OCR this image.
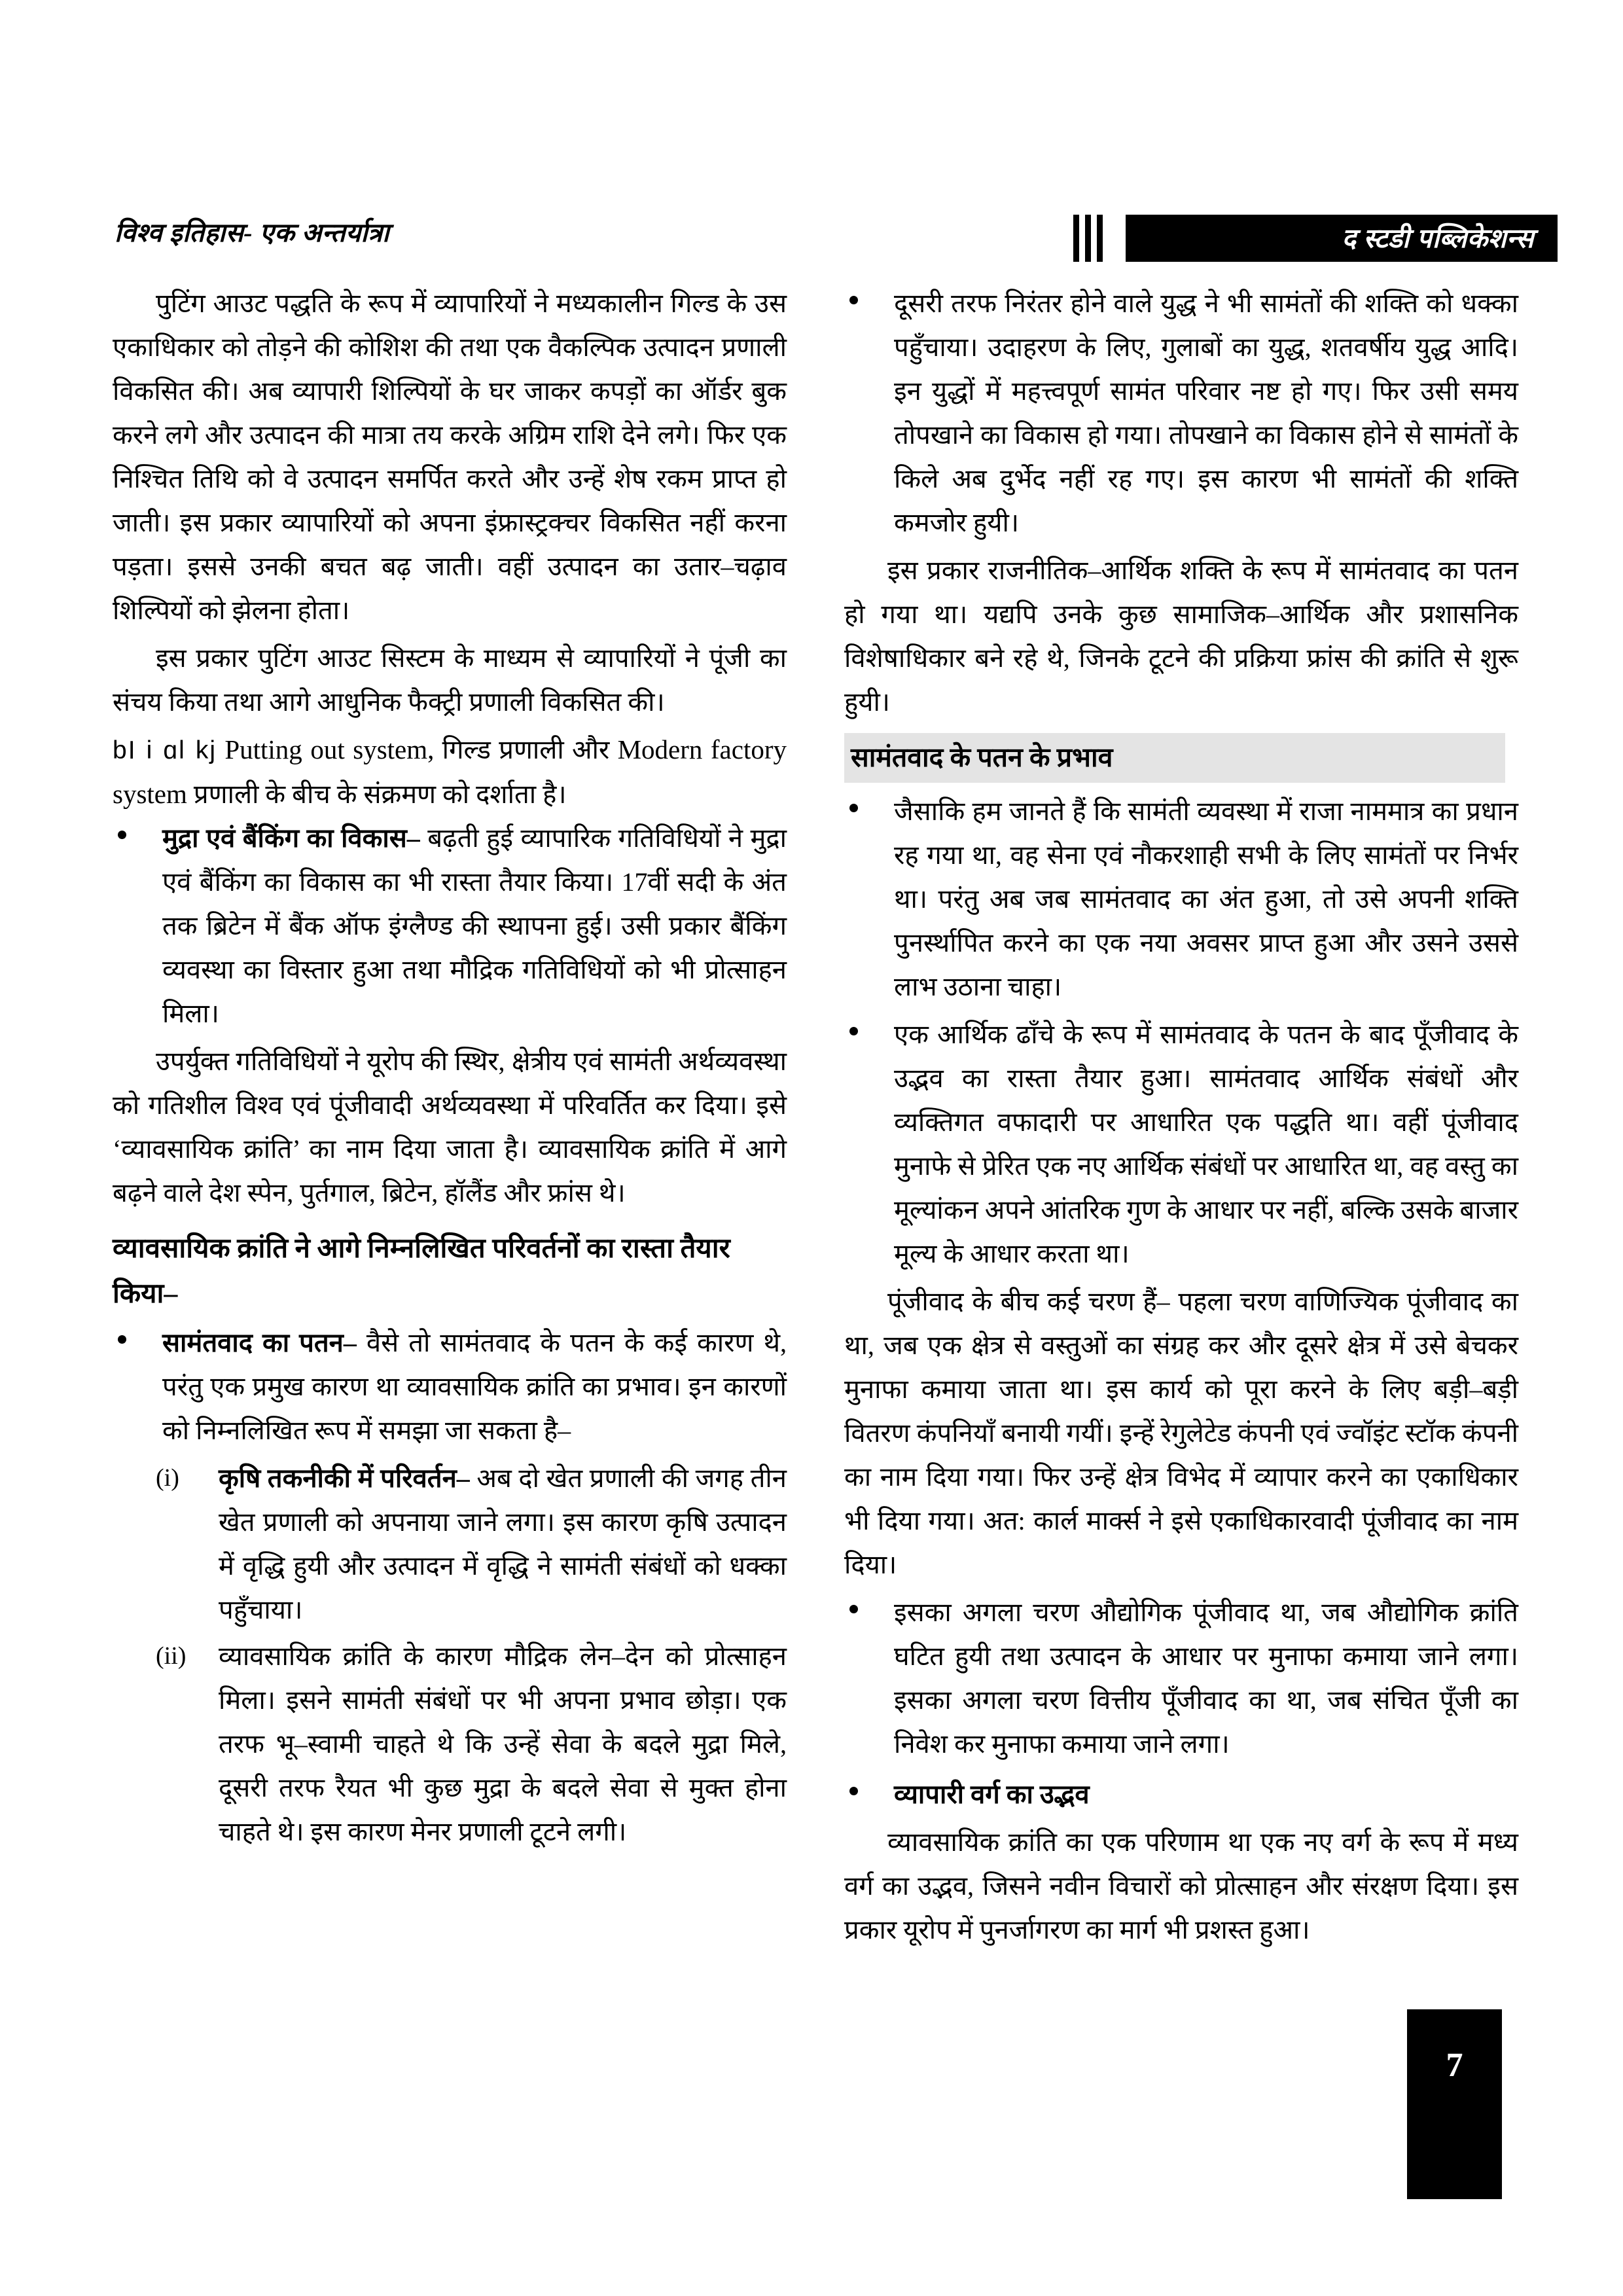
विश्व इतिहास- एक अन्तर्यात्रा	द स्टडी पब्लिकेशन्स

पुटिंग आउट पद्धति के रूप में व्यापारियों ने मध्यकालीन गिल्ड के उस एकाधिकार को तोड़ने की कोशिश की तथा एक वैकल्पिक उत्पादन प्रणाली विकसित की। अब व्यापारी शिल्पियों के घर जाकर कपड़ों का ऑर्डर बुक करने लगे और उत्पादन की मात्रा तय करके अग्रिम राशि देने लगे। फिर एक निश्चित तिथि को वे उत्पादन समर्पित करते और उन्हें शेष रकम प्राप्त हो जाती। इस प्रकार व्यापारियों को अपना इंफ्रास्ट्रक्चर विकसित नहीं करना पड़ता। इससे उनकी बचत बढ़ जाती। वहीं उत्पादन का उतार–चढ़ाव शिल्पियों को झेलना होता।

इस प्रकार पुटिंग आउट सिस्टम के माध्यम से व्यापारियों ने पूंजी का संचय किया तथा आगे आधुनिक फैक्ट्री प्रणाली विकसित की।

bI i ɑl kj Putting out system, गिल्ड प्रणाली और Modern factory system प्रणाली के बीच के संक्रमण को दर्शाता है।

मुद्रा एवं बैंकिंग का विकास– बढ़ती हुई व्यापारिक गतिविधियों ने मुद्रा एवं बैंकिंग का विकास का भी रास्ता तैयार किया। 17वीं सदी के अंत तक ब्रिटेन में बैंक ऑफ इंग्लैण्ड की स्थापना हुई। उसी प्रकार बैंकिंग व्यवस्था का विस्तार हुआ तथा मौद्रिक गतिविधियों को भी प्रोत्साहन मिला।

उपर्युक्त गतिविधियों ने यूरोप की स्थिर, क्षेत्रीय एवं सामंती अर्थव्यवस्था को गतिशील विश्व एवं पूंजीवादी अर्थव्यवस्था में परिवर्तित कर दिया। इसे ‘व्यावसायिक क्रांति’ का नाम दिया जाता है। व्यावसायिक क्रांति में आगे बढ़ने वाले देश स्पेन, पुर्तगाल, ब्रिटेन, हॉलैंड और फ्रांस थे।

व्यावसायिक क्रांति ने आगे निम्नलिखित परिवर्तनों का रास्ता तैयार किया–
सामंतवाद का पतन– वैसे तो सामंतवाद के पतन के कई कारण थे, परंतु एक प्रमुख कारण था व्यावसायिक क्रांति का प्रभाव। इन कारणों को निम्नलिखित रूप में समझा जा सकता है–
(i)	कृषि तकनीकी में परिवर्तन– अब दो खेत प्रणाली की जगह तीन खेत प्रणाली को अपनाया जाने लगा। इस कारण कृषि उत्पादन में वृद्धि हुयी और उत्पादन में वृद्धि ने सामंती संबंधों को धक्का पहुँचाया।
(ii)	व्यावसायिक क्रांति के कारण मौद्रिक लेन–देन को प्रोत्साहन मिला। इसने सामंती संबंधों पर भी अपना प्रभाव छोड़ा। एक तरफ भू–स्वामी चाहते थे कि उन्हें सेवा के बदले मुद्रा मिले, दूसरी तरफ रैयत भी कुछ मुद्रा के बदले सेवा से मुक्त होना चाहते थे। इस कारण मेनर प्रणाली टूटने लगी।
दूसरी तरफ निरंतर होने वाले युद्ध ने भी सामंतों की शक्ति को धक्का पहुँचाया। उदाहरण के लिए, गुलाबों का युद्ध, शतवर्षीय युद्ध आदि। इन युद्धों में महत्त्वपूर्ण सामंत परिवार नष्ट हो गए। फिर उसी समय तोपखाने का विकास हो गया। तोपखाने का विकास होने से सामंतों के किले अब दुर्भेद नहीं रह गए। इस कारण भी सामंतों की शक्ति कमजोर हुयी।

इस प्रकार राजनीतिक–आर्थिक शक्ति के रूप में सामंतवाद का पतन हो गया था। यद्यपि उनके कुछ सामाजिक–आर्थिक और प्रशासनिक विशेषाधिकार बने रहे थे, जिनके टूटने की प्रक्रिया फ्रांस की क्रांति से शुरू हुयी।

सामंतवाद के पतन के प्रभाव
जैसाकि हम जानते हैं कि सामंती व्यवस्था में राजा नाममात्र का प्रधान रह गया था, वह सेना एवं नौकरशाही सभी के लिए सामंतों पर निर्भर था। परंतु अब जब सामंतवाद का अंत हुआ, तो उसे अपनी शक्ति पुनर्स्थापित करने का एक नया अवसर प्राप्त हुआ और उसने उससे लाभ उठाना चाहा।
एक आर्थिक ढाँचे के रूप में सामंतवाद के पतन के बाद पूँजीवाद के उद्भव का रास्ता तैयार हुआ। सामंतवाद आर्थिक संबंधों और व्यक्तिगत वफादारी पर आधारित एक पद्धति था। वहीं पूंजीवाद मुनाफे से प्रेरित एक नए आर्थिक संबंधों पर आधारित था, वह वस्तु का मूल्यांकन अपने आंतरिक गुण के आधार पर नहीं, बल्कि उसके बाजार मूल्य के आधार करता था।

पूंजीवाद के बीच कई चरण हैं– पहला चरण वाणिज्यिक पूंजीवाद का था, जब एक क्षेत्र से वस्तुओं का संग्रह कर और दूसरे क्षेत्र में उसे बेचकर मुनाफा कमाया जाता था। इस कार्य को पूरा करने के लिए बड़ी–बड़ी वितरण कंपनियाँ बनायी गयीं। इन्हें रेगुलेटेड कंपनी एवं ज्वॉइंट स्टॉक कंपनी का नाम दिया गया। फिर उन्हें क्षेत्र विभेद में व्यापार करने का एकाधिकार भी दिया गया। अत: कार्ल मार्क्स ने इसे एकाधिकारवादी पूंजीवाद का नाम दिया।

इसका अगला चरण औद्योगिक पूंजीवाद था, जब औद्योगिक क्रांति घटित हुयी तथा उत्पादन के आधार पर मुनाफा कमाया जाने लगा। इसका अगला चरण वित्तीय पूँजीवाद का था, जब संचित पूँजी का निवेश कर मुनाफा कमाया जाने लगा।
व्यापारी वर्ग का उद्भव

व्यावसायिक क्रांति का एक परिणाम था एक नए वर्ग के रूप में मध्य वर्ग का उद्भव, जिसने नवीन विचारों को प्रोत्साहन और संरक्षण दिया। इस प्रकार यूरोप में पुनर्जागरण का मार्ग भी प्रशस्त हुआ।

7
